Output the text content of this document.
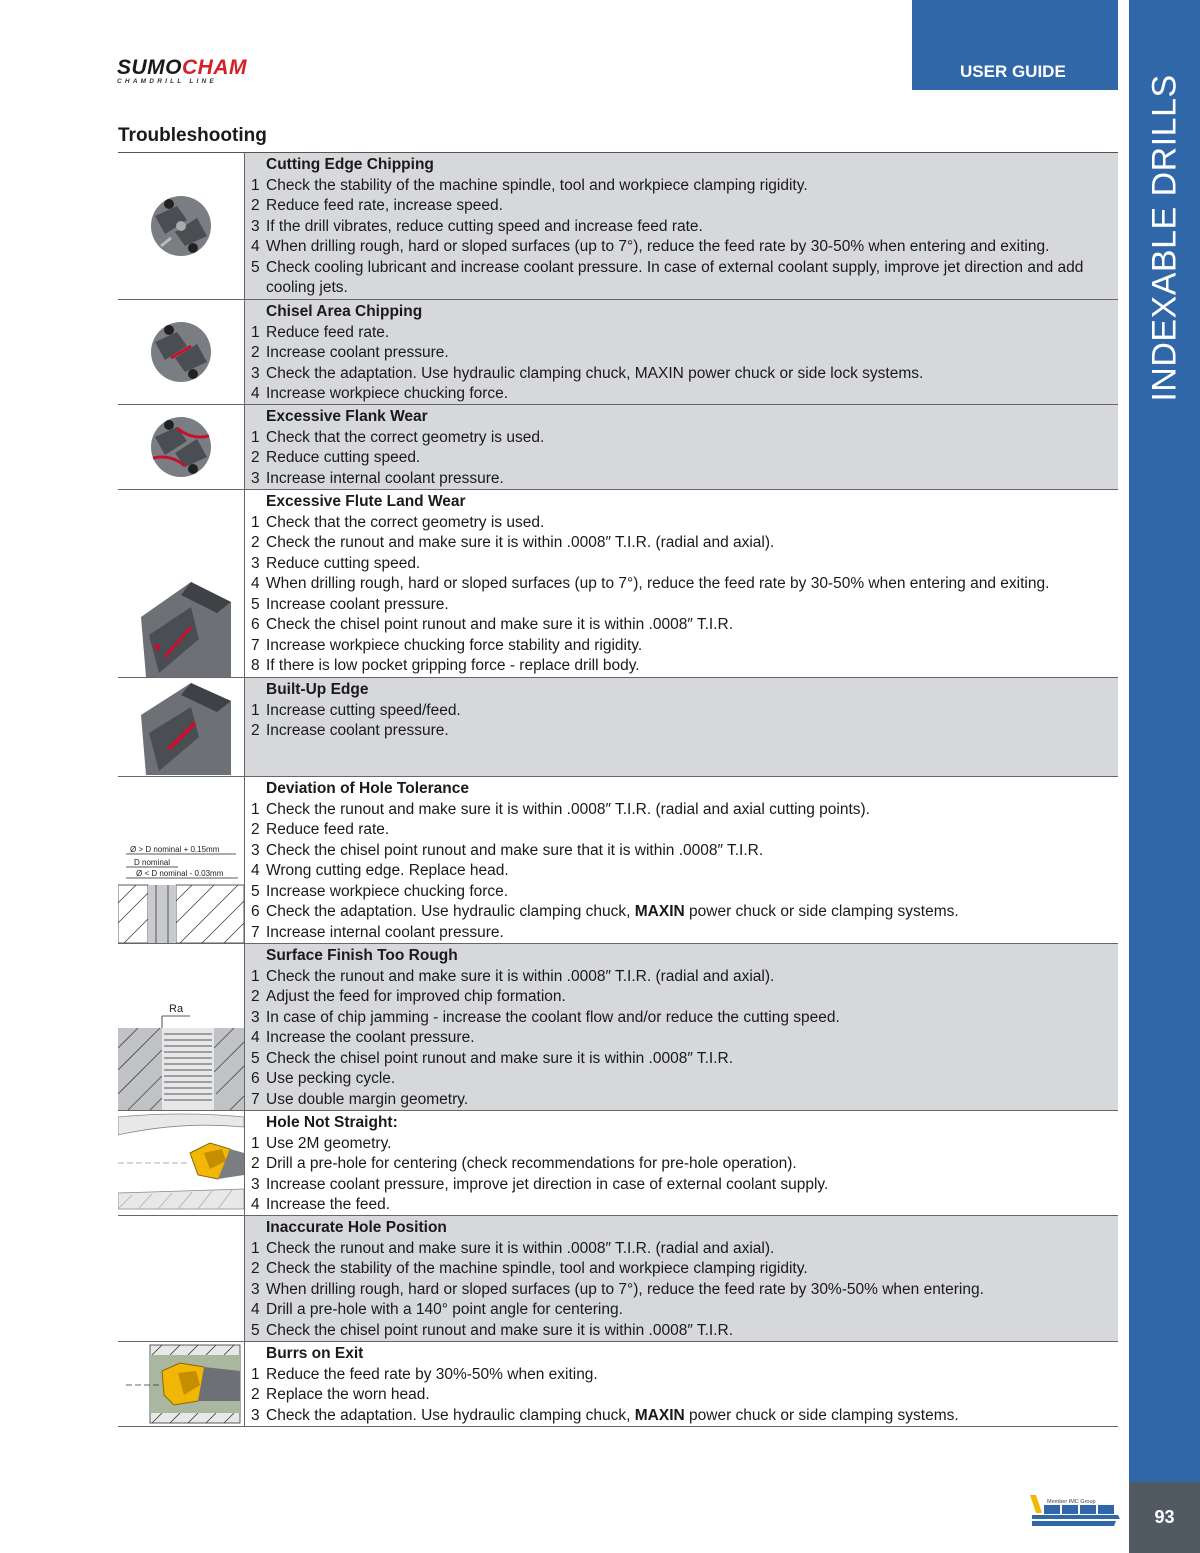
SUMOCHAM
CHAMDRILL LINE
USER GUIDE
INDEXABLE DRILLS
93
Troubleshooting
Cutting Edge Chipping
1 Check the stability of the machine spindle, tool and workpiece clamping rigidity.
2 Reduce feed rate, increase speed.
3 If the drill vibrates, reduce cutting speed and increase feed rate.
4 When drilling rough, hard or sloped surfaces (up to 7°), reduce the feed rate by 30-50% when entering and exiting.
5 Check cooling lubricant and increase coolant pressure. In case of external coolant supply, improve jet direction and add cooling jets.
Chisel Area Chipping
1 Reduce feed rate.
2 Increase coolant pressure.
3 Check the adaptation. Use hydraulic clamping chuck, MAXIN power chuck or side lock systems.
4 Increase workpiece chucking force.
Excessive Flank Wear
1 Check that the correct geometry is used.
2 Reduce cutting speed.
3 Increase internal coolant pressure.
Excessive Flute Land Wear
1 Check that the correct geometry is used.
2 Check the runout and make sure it is within .0008″ T.I.R. (radial and axial).
3 Reduce cutting speed.
4 When drilling rough, hard or sloped surfaces (up to 7°), reduce the feed rate by 30-50% when entering and exiting.
5 Increase coolant pressure.
6 Check the chisel point runout and make sure it is within .0008″ T.I.R.
7 Increase workpiece chucking force stability and rigidity.
8 If there is low pocket gripping force - replace drill body.
Built-Up Edge
1 Increase cutting speed/feed.
2 Increase coolant pressure.
Ø > D nominal + 0.15mm
D nominal
Ø < D nominal - 0.03mm
Deviation of Hole Tolerance
1 Check the runout and make sure it is within .0008″ T.I.R. (radial and axial cutting points).
2 Reduce feed rate.
3 Check the chisel point runout and make sure that it is within .0008″ T.I.R.
4 Wrong cutting edge. Replace head.
5 Increase workpiece chucking force.
6 Check the adaptation. Use hydraulic clamping chuck, MAXIN power chuck or side clamping systems.
7 Increase internal coolant pressure.
Ra
Surface Finish Too Rough
1 Check the runout and make sure it is within .0008″ T.I.R. (radial and axial).
2 Adjust the feed for improved chip formation.
3 In case of chip jamming - increase the coolant flow and/or reduce the cutting speed.
4 Increase the coolant pressure.
5 Check the chisel point runout and make sure it is within .0008″ T.I.R.
6 Use pecking cycle.
7 Use double margin geometry.
Hole Not Straight:
1 Use 2M geometry.
2 Drill a pre-hole for centering (check recommendations for pre-hole operation).
3 Increase coolant pressure, improve jet direction in case of external coolant supply.
4 Increase the feed.
Inaccurate Hole Position
1 Check the runout and make sure it is within .0008″ T.I.R. (radial and axial).
2 Check the stability of the machine spindle, tool and workpiece clamping rigidity.
3 When drilling rough, hard or sloped surfaces (up to 7°), reduce the feed rate by 30%-50% when entering.
4 Drill a pre-hole with a 140° point angle for centering.
5 Check the chisel point runout and make sure it is within .0008″ T.I.R.
Burrs on Exit
1 Reduce the feed rate by 30%-50% when exiting.
2 Replace the worn head.
3 Check the adaptation. Use hydraulic clamping chuck, MAXIN power chuck or side clamping systems.
Member IMC Group
